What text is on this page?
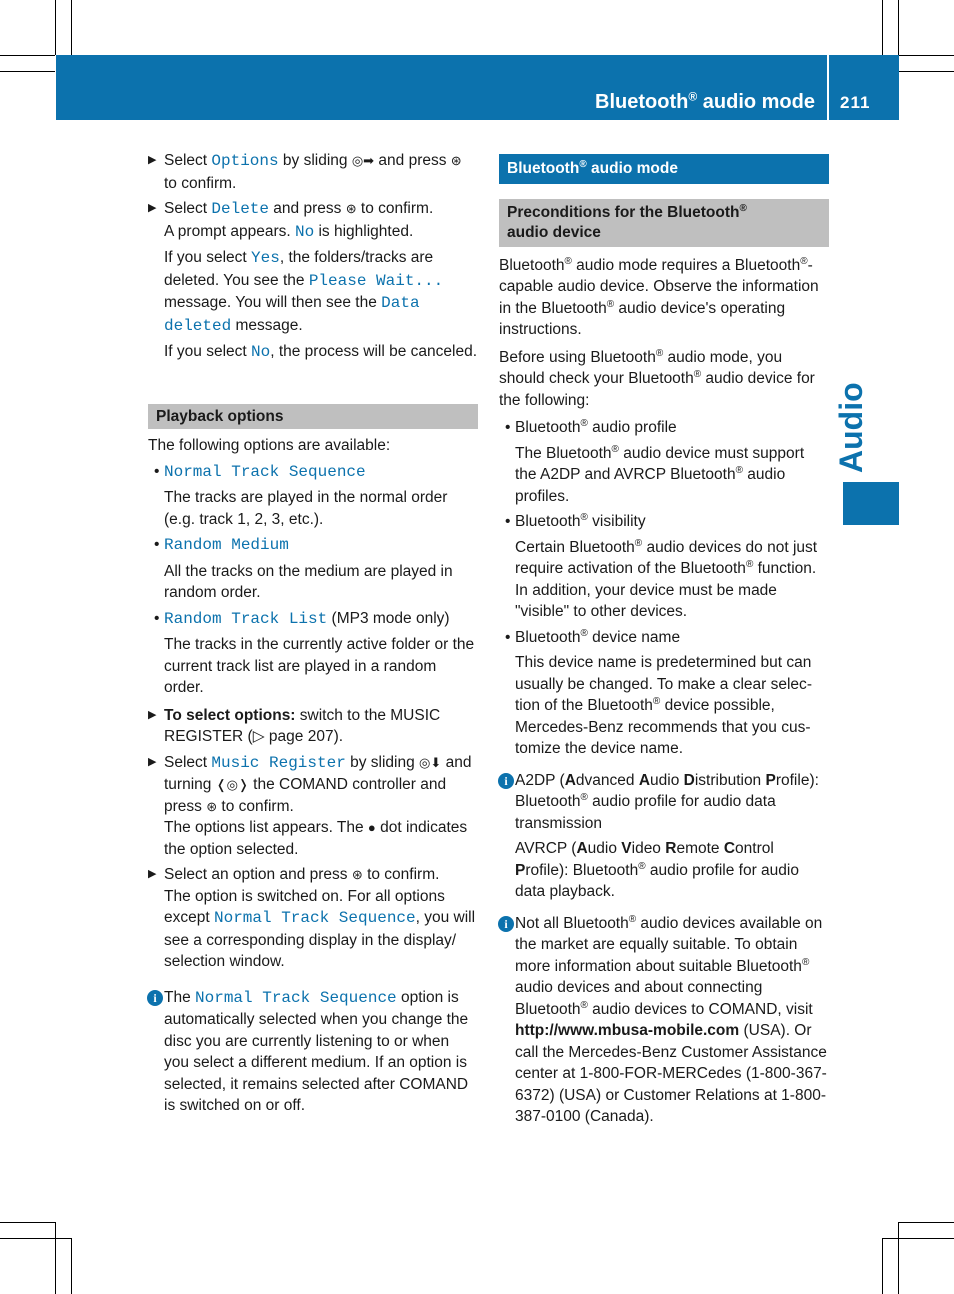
Bluetooth® audio mode 211
Audio
▶ Select Options by sliding ◎➡ and press ⊛ to confirm.
▶ Select Delete and press ⊛ to confirm.
A prompt appears. No is highlighted.

If you select Yes, the folders/tracks are deleted. You see the Please Wait... message. You will then see the Data deleted message.

If you select No, the process will be canceled.

Playback options

The following options are available:

• Normal Track Sequence

The tracks are played in the normal order (e.g. track 1, 2, 3, etc.).

• Random Medium

All the tracks on the medium are played in random order.

• Random Track List (MP3 mode only)

The tracks in the currently active folder or the current track list are played in a random order.

▶ To select options: switch to the MUSIC REGISTER (▷ page 207).
▶ Select Music Register by sliding ◎⬇ and turning ❬◎❭ the COMAND controller and press ⊛ to confirm.
The options list appears. The ● dot indicates the option selected.
▶ Select an option and press ⊛ to confirm.
The option is switched on. For all options except Normal Track Sequence, you will see a corresponding display in the display/ selection window.
i The Normal Track Sequence option is automatically selected when you change the disc you are currently listening to or when you select a different medium. If an option is selected, it remains selected after COMAND is switched on or off.
Bluetooth® audio mode
Preconditions for the Bluetooth®
audio device

Bluetooth® audio mode requires a Bluetooth®-capable audio device. Observe the information in the Bluetooth® audio device's operating instructions.

Before using Bluetooth® audio mode, you should check your Bluetooth® audio device for the following:

• Bluetooth® audio profile

The Bluetooth® audio device must support the A2DP and AVRCP Bluetooth® audio profiles.

• Bluetooth® visibility

Certain Bluetooth® audio devices do not just require activation of the Bluetooth® function. In addition, your device must be made "visible" to other devices.

• Bluetooth® device name

This device name is predetermined but can usually be changed. To make a clear selection of the Bluetooth® device possible, Mercedes-Benz recommends that you customize the device name.

i A2DP (Advanced Audio Distribution Profile): Bluetooth® audio profile for audio data transmission

AVRCP (Audio Video Remote Control Profile): Bluetooth® audio profile for audio data playback.

i Not all Bluetooth® audio devices available on the market are equally suitable. To obtain more information about suitable Bluetooth® audio devices and about connecting Bluetooth® audio devices to COMAND, visit http://www.mbusa-mobile.com (USA). Or call the Mercedes-Benz Customer Assistance center at 1-800-FOR-MERCedes (1-800-367-6372) (USA) or Customer Relations at 1-800-387-0100 (Canada).
